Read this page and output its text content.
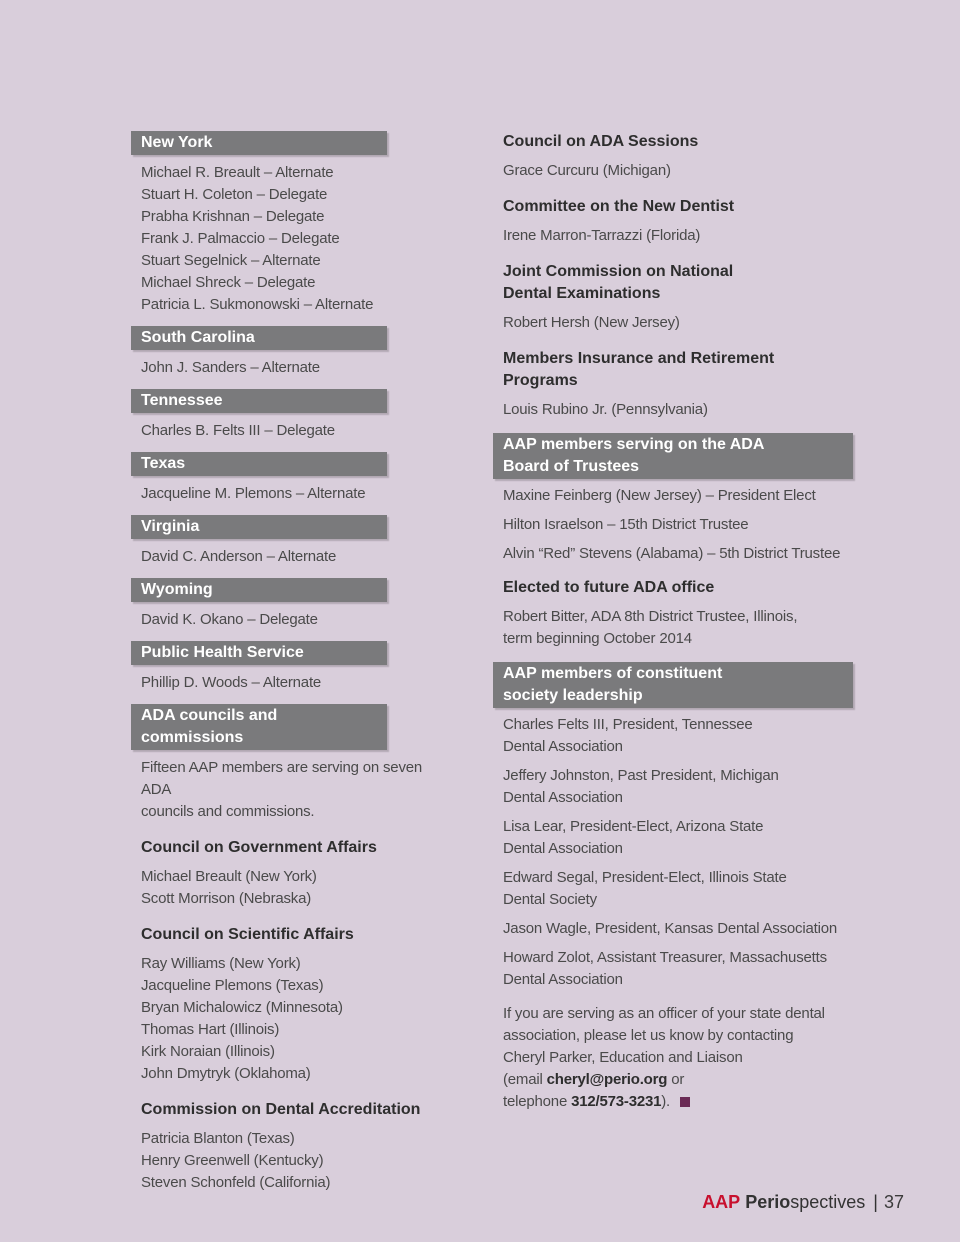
New York
Michael R. Breault – Alternate
Stuart H. Coleton – Delegate
Prabha Krishnan – Delegate
Frank J. Palmaccio – Delegate
Stuart Segelnick – Alternate
Michael Shreck – Delegate
Patricia L. Sukmonowski – Alternate
South Carolina
John J. Sanders – Alternate
Tennessee
Charles B. Felts III – Delegate
Texas
Jacqueline M. Plemons – Alternate
Virginia
David C. Anderson – Alternate
Wyoming
David K. Okano – Delegate
Public Health Service
Phillip D. Woods – Alternate
ADA councils and commissions
Fifteen AAP members are serving on seven ADA
councils and commissions.
Council on Government Affairs
Michael Breault (New York)
Scott Morrison (Nebraska)
Council on Scientific Affairs
Ray Williams (New York)
Jacqueline Plemons (Texas)
Bryan Michalowicz (Minnesota)
Thomas Hart (Illinois)
Kirk Noraian (Illinois)
John Dmytryk (Oklahoma)
Commission on Dental Accreditation
Patricia Blanton (Texas)
Henry Greenwell (Kentucky)
Steven Schonfeld (California)
Council on ADA Sessions
Grace Curcuru (Michigan)
Committee on the New Dentist
Irene Marron-Tarrazzi (Florida)
Joint Commission on National
Dental Examinations
Robert Hersh (New Jersey)
Members Insurance and Retirement Programs
Louis Rubino Jr. (Pennsylvania)
AAP members serving on the ADA
Board of Trustees
Maxine Feinberg (New Jersey) – President Elect
Hilton Israelson – 15th District Trustee
Alvin “Red” Stevens (Alabama) – 5th District Trustee
Elected to future ADA office
Robert Bitter, ADA 8th District Trustee, Illinois,
term beginning October 2014
AAP members of constituent
society leadership
Charles Felts III, President, Tennessee
Dental Association
Jeffery Johnston, Past President, Michigan
Dental Association
Lisa Lear, President-Elect, Arizona State
Dental Association
Edward Segal, President-Elect, Illinois State
Dental Society
Jason Wagle, President, Kansas Dental Association
Howard Zolot, Assistant Treasurer, Massachusetts
Dental Association
If you are serving as an officer of your state dental
association, please let us know by contacting
Cheryl Parker, Education and Liaison
(email cheryl@perio.org or
telephone 312/573-3231).
AAP Perio spectives | 37
